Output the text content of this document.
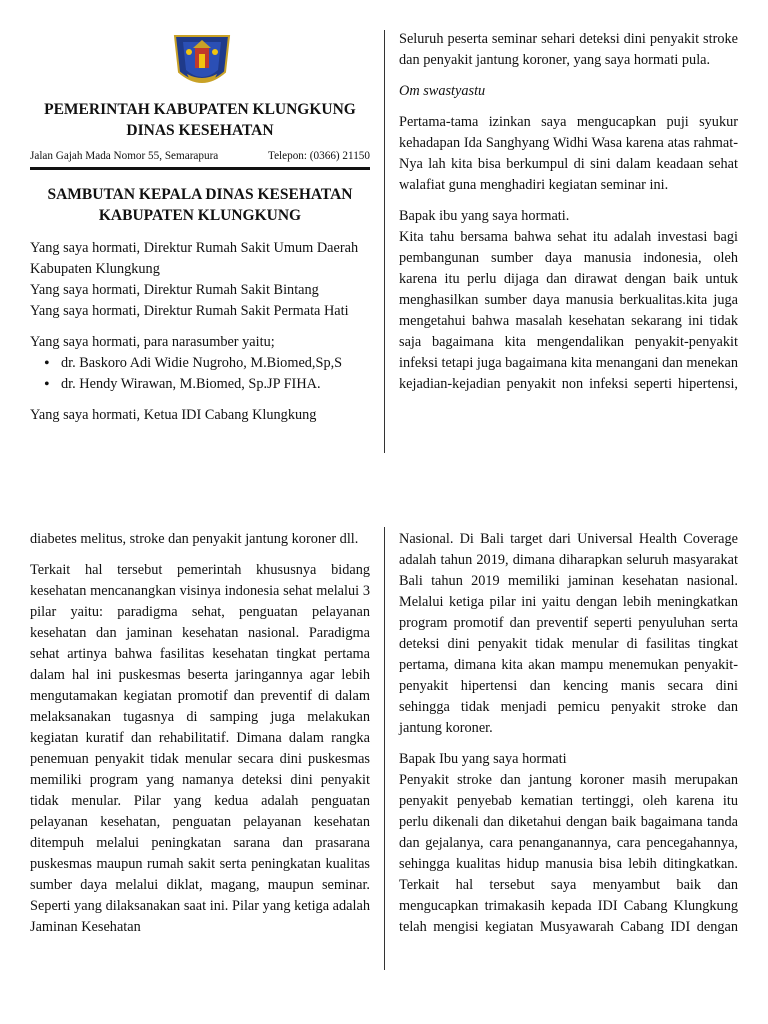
PEMERINTAH KABUPATEN KLUNGKUNG
DINAS KESEHATAN
Jalan Gajah Mada Nomor 55, Semarapura	Telepon: (0366) 21150
SAMBUTAN KEPALA DINAS KESEHATAN
KABUPATEN KLUNGKUNG

Yang saya hormati, Direktur Rumah Sakit Umum Daerah Kabupaten Klungkung

Yang saya hormati, Direktur Rumah Sakit Bintang

Yang saya hormati, Direktur Rumah Sakit Permata Hati

Yang saya hormati, para narasumber yaitu;

• dr. Baskoro Adi Widie Nugroho, M.Biomed,Sp,S
• dr. Hendy Wirawan, M.Biomed, Sp.JP FIHA.

Yang saya hormati, Ketua IDI Cabang Klungkung

Seluruh peserta seminar sehari deteksi dini penyakit stroke dan penyakit jantung koroner, yang saya hormati pula.

Om swastyastu

Pertama-tama izinkan saya mengucapkan puji syukur kehadapan Ida Sanghyang Widhi Wasa karena atas rahmat-Nya lah kita bisa berkumpul di sini dalam keadaan sehat walafiat guna menghadiri kegiatan seminar ini.

Bapak ibu yang saya hormati.

Kita tahu bersama bahwa sehat itu adalah investasi bagi pembangunan sumber daya manusia indonesia, oleh karena itu perlu dijaga dan dirawat dengan baik untuk menghasilkan sumber daya manusia berkualitas.kita juga mengetahui bahwa masalah kesehatan sekarang ini tidak saja bagaimana kita mengendalikan penyakit-penyakit infeksi tetapi juga bagaimana kita menangani dan menekan kejadian-kejadian penyakit non infeksi seperti hipertensi,

diabetes melitus, stroke dan penyakit jantung koroner dll.

Terkait hal tersebut pemerintah khususnya bidang kesehatan mencanangkan visinya indonesia sehat melalui 3 pilar yaitu: paradigma sehat, penguatan pelayanan kesehatan dan jaminan kesehatan nasional. Paradigma sehat artinya bahwa fasilitas kesehatan tingkat pertama dalam hal ini puskesmas beserta jaringannya agar lebih mengutamakan kegiatan promotif dan preventif di dalam melaksanakan tugasnya di samping juga melakukan kegiatan kuratif dan rehabilitatif. Dimana dalam rangka penemuan penyakit tidak menular secara dini puskesmas memiliki program yang namanya deteksi dini penyakit tidak menular. Pilar yang kedua adalah penguatan pelayanan kesehatan, penguatan pelayanan kesehatan ditempuh melalui peningkatan sarana dan prasarana puskesmas maupun rumah sakit serta peningkatan kualitas sumber daya melalui diklat, magang, maupun seminar. Seperti yang dilaksanakan saat ini. Pilar yang ketiga adalah Jaminan Kesehatan

Nasional. Di Bali target dari Universal Health Coverage adalah tahun 2019, dimana diharapkan seluruh masyarakat Bali tahun 2019 memiliki jaminan kesehatan nasional. Melalui ketiga pilar ini yaitu dengan lebih meningkatkan program promotif dan preventif seperti penyuluhan serta deteksi dini penyakit tidak menular di fasilitas tingkat pertama, dimana kita akan mampu menemukan penyakit-penyakit hipertensi dan kencing manis secara dini sehingga tidak menjadi pemicu penyakit stroke dan jantung koroner.

Bapak Ibu yang saya hormati

Penyakit stroke dan jantung koroner masih merupakan penyakit penyebab kematian tertinggi, oleh karena itu perlu dikenali dan diketahui dengan baik bagaimana tanda dan gejalanya, cara penanganannya, cara pencegahannya, sehingga kualitas hidup manusia bisa lebih ditingkatkan. Terkait hal tersebut saya menyambut baik dan mengucapkan trimakasih kepada IDI Cabang Klungkung telah mengisi kegiatan Musyawarah Cabang IDI dengan
